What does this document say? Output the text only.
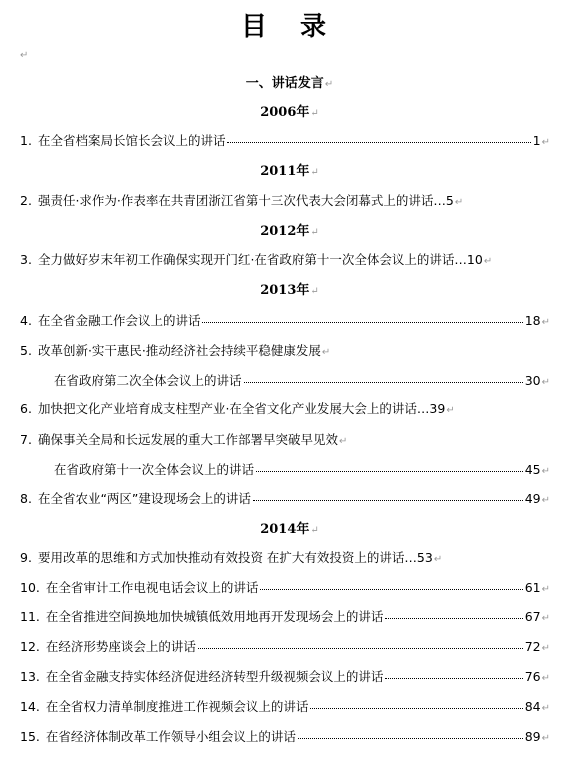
目 录
↵
一、讲话发言↵
2006年↵
1. 在全省档案局长馆长会议上的讲话	1 ↵
2011年↵
2. 强责任·求作为·作表率在共青团浙江省第十三次代表大会闭幕式上的讲话… 5 ↵
2012年↵
3. 全力做好岁末年初工作确保实现开门红·在省政府第十一次全体会议上的讲话… 10 ↵
2013年↵
4. 在全省金融工作会议上的讲话	18 ↵
5. 改革创新·实干惠民·推动经济社会持续平稳健康发展↵
在省政府第二次全体会议上的讲话	30 ↵
6. 加快把文化产业培育成支柱型产业·在全省文化产业发展大会上的讲话… 39 ↵
7. 确保事关全局和长远发展的重大工作部署早突破早见效↵
在省政府第十一次全体会议上的讲话	45 ↵
8. 在全省农业“两区”建设现场会上的讲话	49 ↵
2014年↵
9. 要用改革的思维和方式加快推动有效投资 在扩大有效投资上的讲话… 53 ↵
10. 在全省审计工作电视电话会议上的讲话	61 ↵
11. 在全省推进空间换地加快城镇低效用地再开发现场会上的讲话	67 ↵
12. 在经济形势座谈会上的讲话	72 ↵
13. 在全省金融支持实体经济促进经济转型升级视频会议上的讲话	76 ↵
14. 在全省权力清单制度推进工作视频会议上的讲话	84 ↵
15. 在省经济体制改革工作领导小组会议上的讲话	89 ↵
